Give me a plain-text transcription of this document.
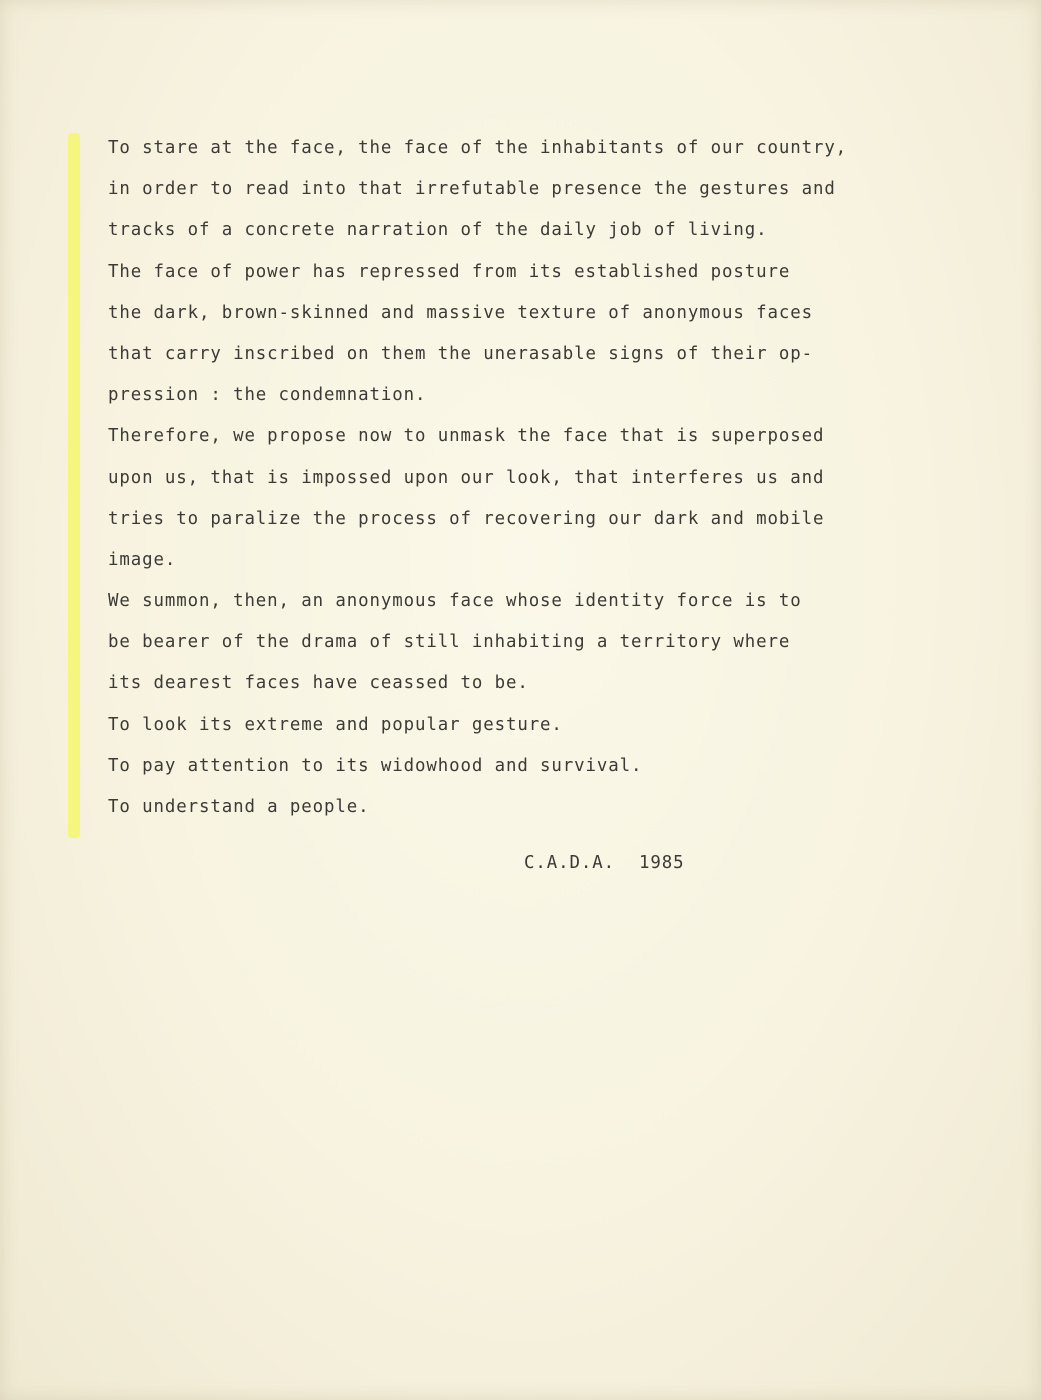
To stare at the face, the face of the inhabitants of our country,
in order to read into that irrefutable presence the gestures and
tracks of a concrete narration of the daily job of living.
The face of power has repressed from its established posture
the dark, brown-skinned and massive texture of anonymous faces
that carry inscribed on them the unerasable signs of their op-
pression : the condemnation.
Therefore, we propose now to unmask the face that is superposed
upon us, that is impossed upon our look, that interferes us and
tries to paralize the process of recovering our dark and mobile
image.
We summon, then, an anonymous face whose identity force is to
be bearer of the drama of still inhabiting a territory where
its dearest faces have ceassed to be.
To look its extreme and popular gesture.
To pay attention to its widowhood and survival.
To understand a people.
C.A.D.A. 1985
